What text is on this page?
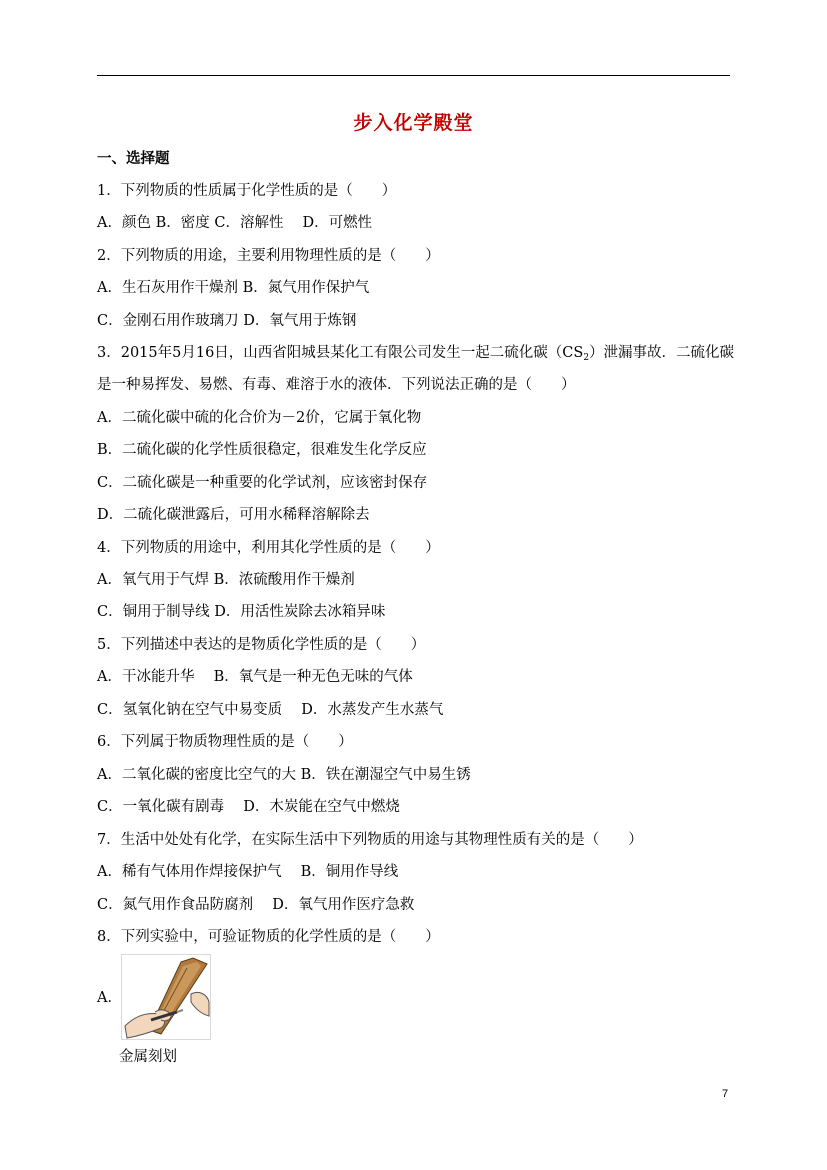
步入化学殿堂
一、选择题
1．下列物质的性质属于化学性质的是（　　）
A．颜色 B．密度 C．溶解性　 D．可燃性
2．下列物质的用途，主要利用物理性质的是（　　）
A．生石灰用作干燥剂 B．氮气用作保护气
C．金刚石用作玻璃刀 D．氧气用于炼钢
3．2015年5月16日，山西省阳城县某化工有限公司发生一起二硫化碳$(CS_2)$泄漏事故．二硫化碳
是一种易挥发、易燃、有毒、难溶于水的液体．下列说法正确的是（　　）
A．二硫化碳中硫的化合价为－2价，它属于氧化物
B．二硫化碳的化学性质很稳定，很难发生化学反应
C．二硫化碳是一种重要的化学试剂，应该密封保存
D．二硫化碳泄露后，可用水稀释溶解除去
4．下列物质的用途中，利用其化学性质的是（　　）
A．氧气用于气焊 B．浓硫酸用作干燥剂
C．铜用于制导线 D．用活性炭除去冰箱异味
5．下列描述中表达的是物质化学性质的是（　　）
A．干冰能升华　 B．氧气是一种无色无味的气体
C．氢氧化钠在空气中易变质　 D．水蒸发产生水蒸气
6．下列属于物质物理性质的是（　　）
A．二氧化碳的密度比空气的大 B．铁在潮湿空气中易生锈
C．一氧化碳有剧毒　 D．木炭能在空气中燃烧
7．生活中处处有化学，在实际生活中下列物质的用途与其物理性质有关的是（　　）
A．稀有气体用作焊接保护气　 B．铜用作导线
C．氮气用作食品防腐剂　 D．氧气用作医疗急救
8．下列实验中，可验证物质的化学性质的是（　　）
A．
金属刻划
7
